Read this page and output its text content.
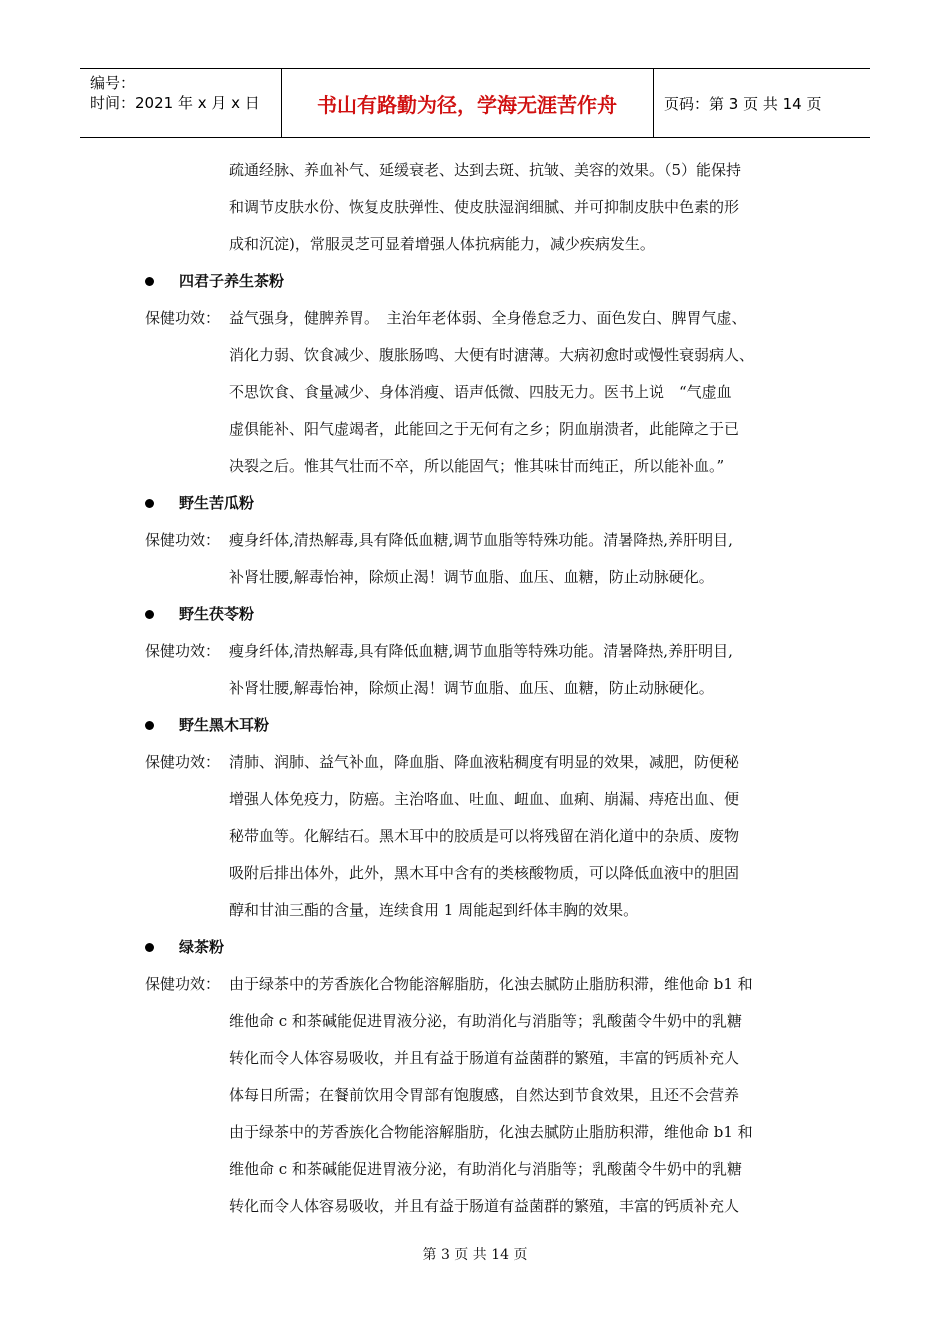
编号：
时间：2021 年 x 月 x 日	书山有路勤为径，学海无涯苦作舟	页码：第 3 页 共 14 页
疏通经脉、养血补气、延缓衰老、达到去斑、抗皱、美容的效果。（5）能保持
和调节皮肤水份、恢复皮肤弹性、使皮肤湿润细腻、并可抑制皮肤中色素的形
成和沉淀)，常服灵芝可显着增强人体抗病能力，减少疾病发生。
四君子养生茶粉
保健功效： 益气强身，健脾养胃。　主治年老体弱、全身倦怠乏力、面色发白、脾胃气虚、
消化力弱、饮食减少、腹胀肠鸣、大便有时溏薄。大病初愈时或慢性衰弱病人、
不思饮食、食量减少、身体消瘦、语声低微、四肢无力。医书上说　“气虚血
虚俱能补、阳气虚竭者，此能回之于无何有之乡；阴血崩溃者，此能障之于已
决裂之后。惟其气壮而不卒，所以能固气；惟其味甘而纯正，所以能补血。”
野生苦瓜粉
保健功效： 瘦身纤体,清热解毒,具有降低血糖,调节血脂等特殊功能。清暑降热,养肝明目,
补肾壮腰,解毒怡神，除烦止渴！调节血脂、血压、血糖，防止动脉硬化。
野生茯苓粉
保健功效： 瘦身纤体,清热解毒,具有降低血糖,调节血脂等特殊功能。清暑降热,养肝明目,
补肾壮腰,解毒怡神，除烦止渴！调节血脂、血压、血糖，防止动脉硬化。
野生黑木耳粉
保健功效： 清肺、润肺、益气补血，降血脂、降血液粘稠度有明显的效果，减肥，防便秘
增强人体免疫力，防癌。主治咯血、吐血、衄血、血痢、崩漏、痔疮出血、便
秘带血等。化解结石。黑木耳中的胶质是可以将残留在消化道中的杂质、废物
吸附后排出体外，此外，黑木耳中含有的类核酸物质，可以降低血液中的胆固
醇和甘油三酯的含量，连续食用 1 周能起到纤体丰胸的效果。
绿茶粉
保健功效： 由于绿茶中的芳香族化合物能溶解脂肪，化浊去腻防止脂肪积滞，维他命 b1 和
维他命 c 和茶碱能促进胃液分泌，有助消化与消脂等；乳酸菌令牛奶中的乳糖
转化而令人体容易吸收，并且有益于肠道有益菌群的繁殖，丰富的钙质补充人
体每日所需；在餐前饮用令胃部有饱腹感，自然达到节食效果，且还不会营养
由于绿茶中的芳香族化合物能溶解脂肪，化浊去腻防止脂肪积滞，维他命 b1 和
维他命 c 和茶碱能促进胃液分泌，有助消化与消脂等；乳酸菌令牛奶中的乳糖
转化而令人体容易吸收，并且有益于肠道有益菌群的繁殖，丰富的钙质补充人
第 3 页 共 14 页
